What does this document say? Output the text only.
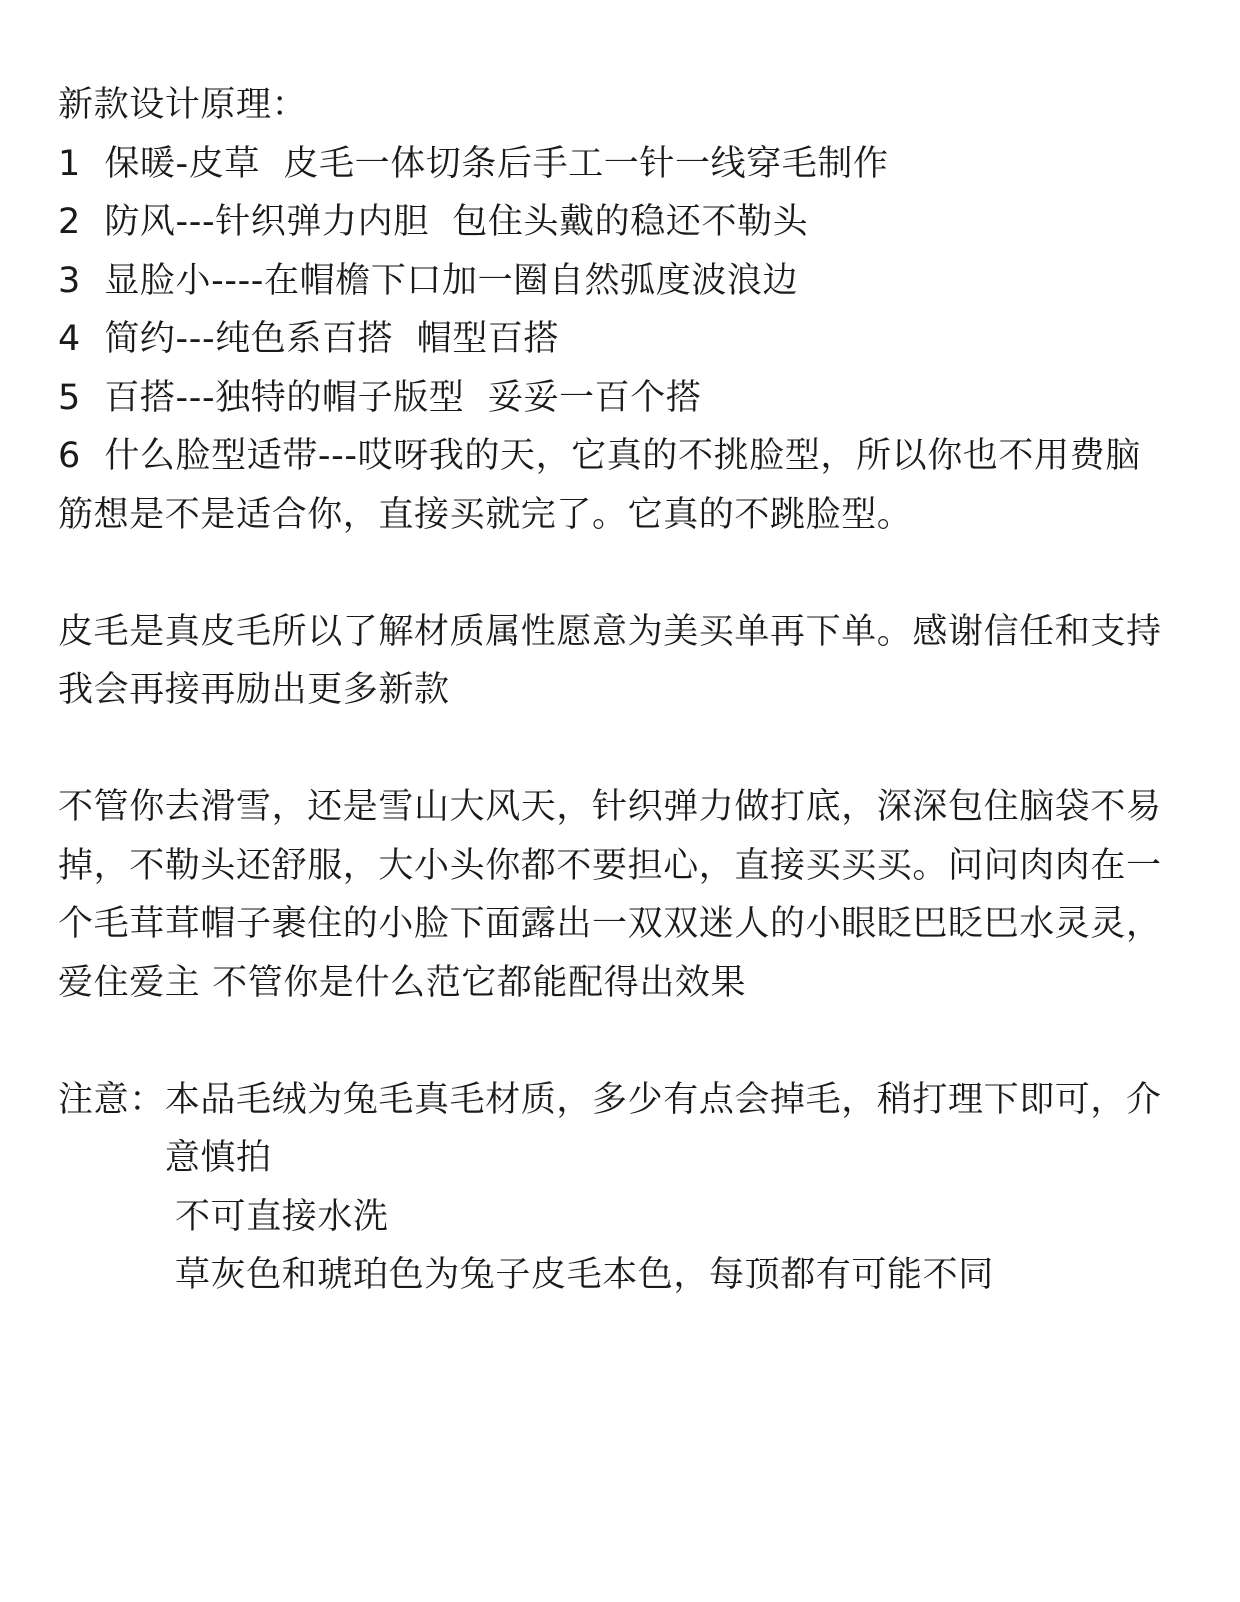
新款设计原理：

1  保暖-皮草  皮毛一体切条后手工一针一线穿毛制作

2  防风---针织弹力内胆  包住头戴的稳还不勒头

3  显脸小----在帽檐下口加一圈自然弧度波浪边

4  简约---纯色系百搭  帽型百搭

5  百搭---独特的帽子版型  妥妥一百个搭

6  什么脸型适带---哎呀我的天，它真的不挑脸型，所以你也不用费脑筋想是不是适合你，直接买就完了。它真的不跳脸型。

皮毛是真皮毛所以了解材质属性愿意为美买单再下单。感谢信任和支持

我会再接再励出更多新款

不管你去滑雪，还是雪山大风天，针织弹力做打底，深深包住脑袋不易掉，不勒头还舒服，大小头你都不要担心，直接买买买。问问肉肉在一个毛茸茸帽子裹住的小脸下面露出一双双迷人的小眼眨巴眨巴水灵灵，爱住爱主 不管你是什么范它都能配得出效果

注意： 本品毛绒为兔毛真毛材质，多少有点会掉毛，稍打理下即可，介意慎拍

不可直接水洗

草灰色和琥珀色为兔子皮毛本色，每顶都有可能不同
